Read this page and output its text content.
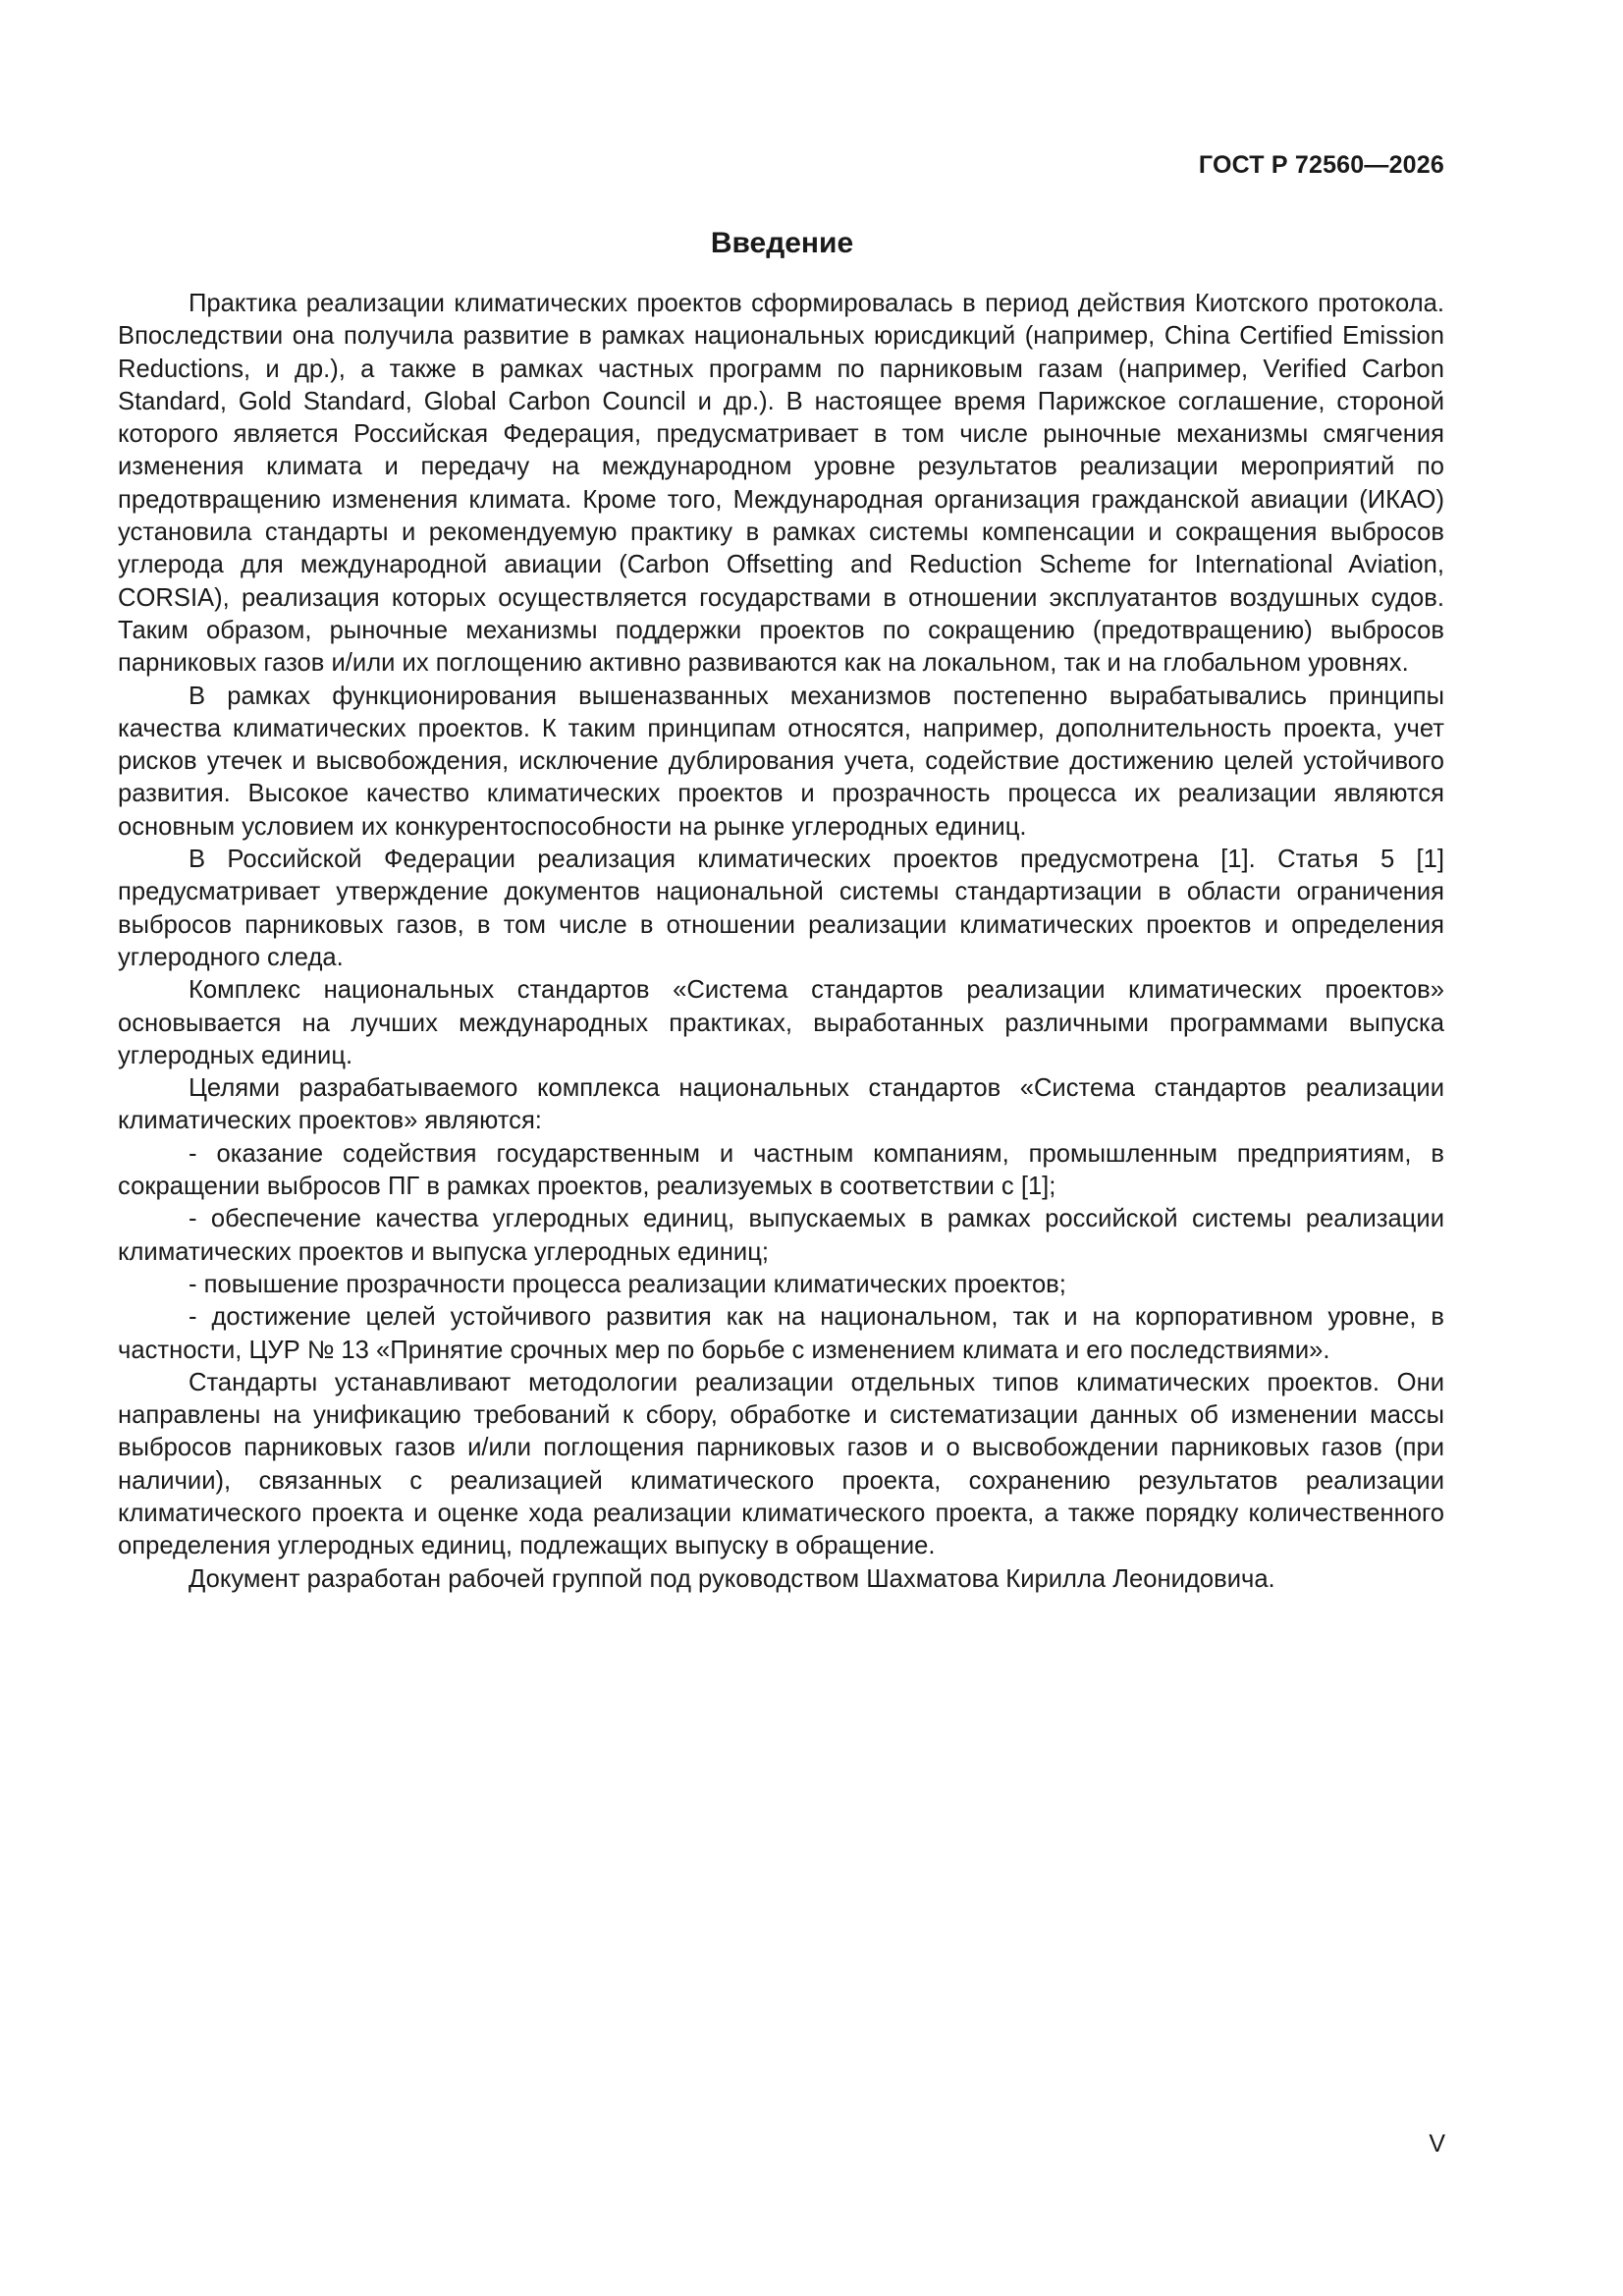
ГОСТ Р 72560—2026
Введение

Практика реализации климатических проектов сформировалась в период действия Киотского протокола. Впоследствии она получила развитие в рамках национальных юрисдикций (например, China Certified Emission Reductions, и др.), а также в рамках частных программ по парниковым газам (например, Verified Carbon Standard, Gold Standard, Global Carbon Council и др.). В настоящее время Парижское соглашение, стороной которого является Российская Федерация, предусматривает в том числе рыночные механизмы смягчения изменения климата и передачу на международном уровне результатов реализации мероприятий по предотвращению изменения климата. Кроме того, Международная организация гражданской авиации (ИКАО) установила стандарты и рекомендуемую практику в рамках системы компенсации и сокращения выбросов углерода для международной авиации (Carbon Offsetting and Reduction Scheme for International Aviation, CORSIA), реализация которых осуществляется государствами в отношении эксплуатантов воздушных судов. Таким образом, рыночные механизмы поддержки проектов по сокращению (предотвращению) выбросов парниковых газов и/или их поглощению активно развиваются как на локальном, так и на глобальном уровнях.

В рамках функционирования вышеназванных механизмов постепенно вырабатывались принципы качества климатических проектов. К таким принципам относятся, например, дополнительность проекта, учет рисков утечек и высвобождения, исключение дублирования учета, содействие достижению целей устойчивого развития. Высокое качество климатических проектов и прозрачность процесса их реализации являются основным условием их конкурентоспособности на рынке углеродных единиц.

В Российской Федерации реализация климатических проектов предусмотрена [1]. Статья 5 [1] предусматривает утверждение документов национальной системы стандартизации в области ограничения выбросов парниковых газов, в том числе в отношении реализации климатических проектов и определения углеродного следа.

Комплекс национальных стандартов «Система стандартов реализации климатических проектов» основывается на лучших международных практиках, выработанных различными программами выпуска углеродных единиц.

Целями разрабатываемого комплекса национальных стандартов «Система стандартов реализации климатических проектов» являются:

- оказание содействия государственным и частным компаниям, промышленным предприятиям, в сокращении выбросов ПГ в рамках проектов, реализуемых в соответствии с [1];

- обеспечение качества углеродных единиц, выпускаемых в рамках российской системы реализации климатических проектов и выпуска углеродных единиц;

- повышение прозрачности процесса реализации климатических проектов;

- достижение целей устойчивого развития как на национальном, так и на корпоративном уровне, в частности, ЦУР № 13 «Принятие срочных мер по борьбе с изменением климата и его последствиями».

Стандарты устанавливают методологии реализации отдельных типов климатических проектов. Они направлены на унификацию требований к сбору, обработке и систематизации данных об изменении массы выбросов парниковых газов и/или поглощения парниковых газов и о высвобождении парниковых газов (при наличии), связанных с реализацией климатического проекта, сохранению результатов реализации климатического проекта и оценке хода реализации климатического проекта, а также порядку количественного определения углеродных единиц, подлежащих выпуску в обращение.

Документ разработан рабочей группой под руководством Шахматова Кирилла Леонидовича.

V
